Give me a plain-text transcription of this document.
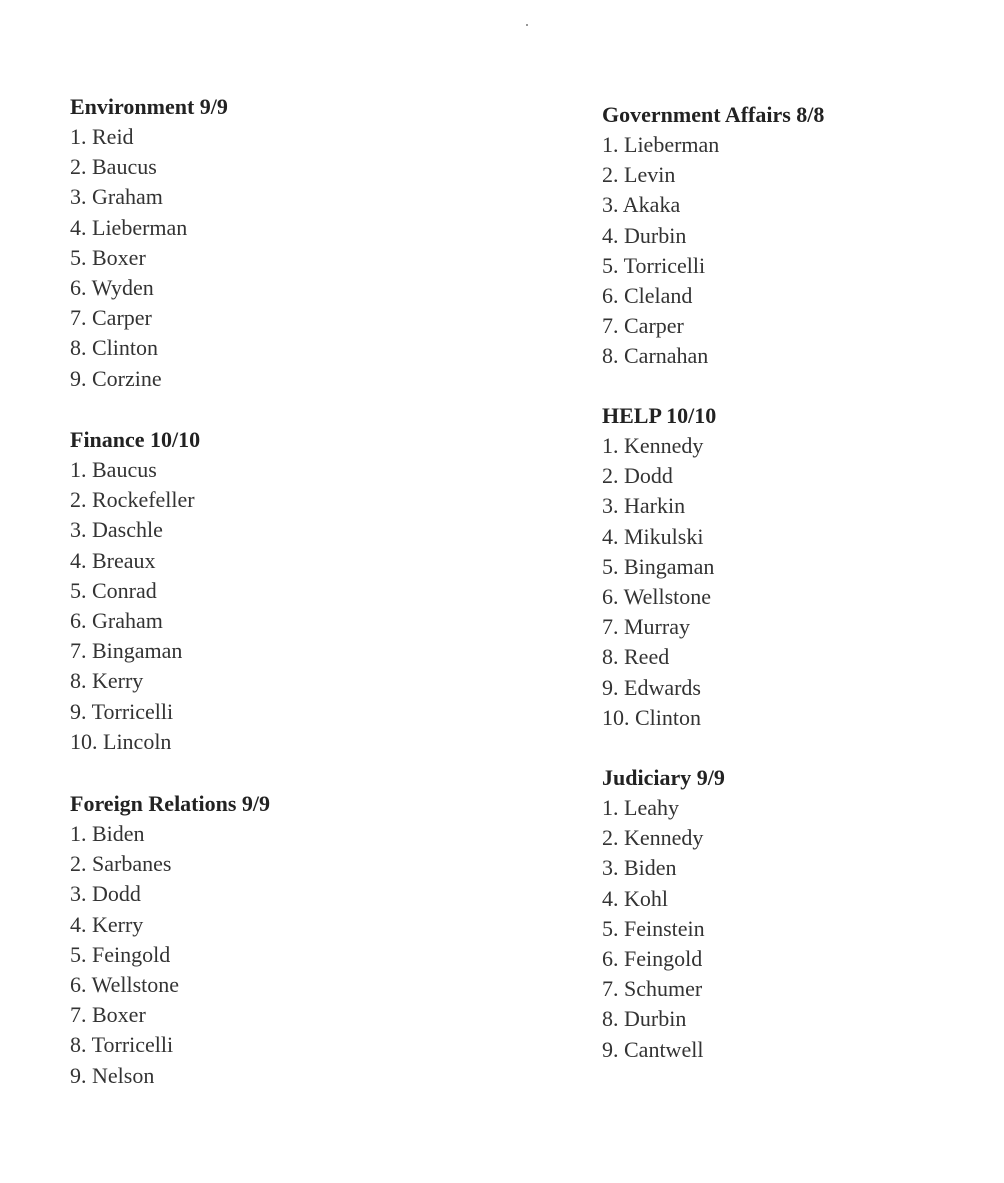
Environment 9/9
1. Reid
2. Baucus
3. Graham
4. Lieberman
5. Boxer
6. Wyden
7. Carper
8. Clinton
9. Corzine
Finance 10/10
1. Baucus
2. Rockefeller
3. Daschle
4. Breaux
5. Conrad
6. Graham
7. Bingaman
8. Kerry
9. Torricelli
10. Lincoln
Foreign Relations 9/9
1. Biden
2. Sarbanes
3. Dodd
4. Kerry
5. Feingold
6. Wellstone
7. Boxer
8. Torricelli
9. Nelson
Government Affairs 8/8
1. Lieberman
2. Levin
3. Akaka
4. Durbin
5. Torricelli
6. Cleland
7. Carper
8. Carnahan
HELP 10/10
1. Kennedy
2. Dodd
3. Harkin
4. Mikulski
5. Bingaman
6. Wellstone
7. Murray
8. Reed
9. Edwards
10. Clinton
Judiciary 9/9
1. Leahy
2. Kennedy
3. Biden
4. Kohl
5. Feinstein
6. Feingold
7. Schumer
8. Durbin
9. Cantwell
